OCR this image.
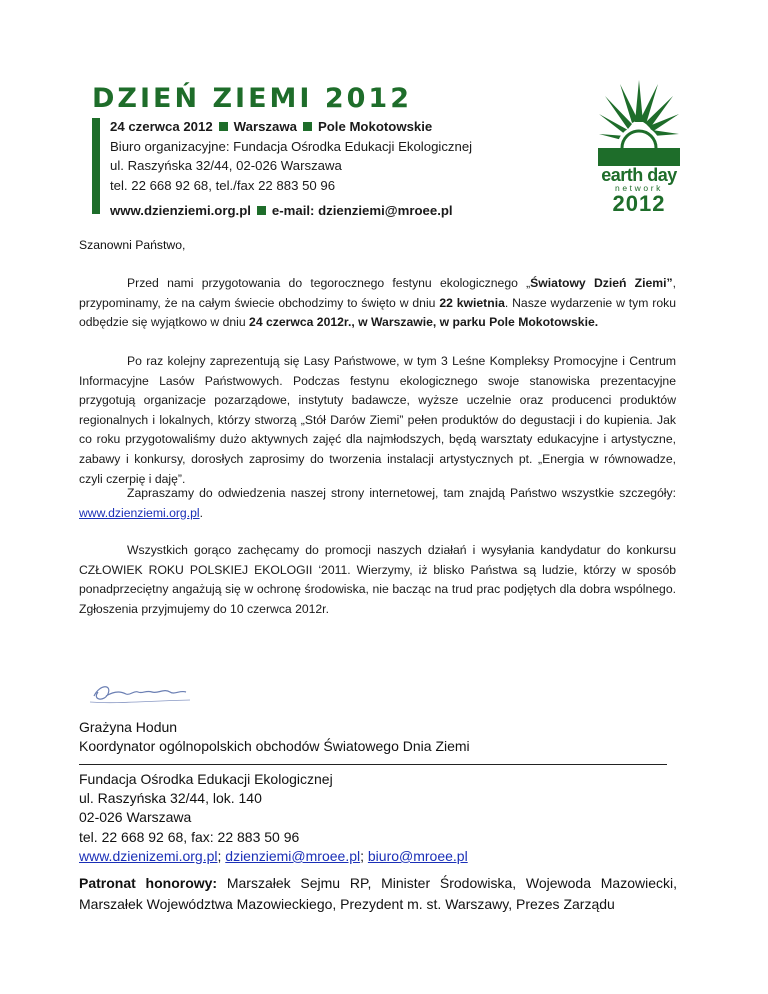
DZIEŃ ZIEMI 2012
24 czerwca 2012 Warszawa Pole Mokotowskie
Biuro organizacyjne: Fundacja Ośrodka Edukacji Ekologicznej
ul. Raszyńska 32/44, 02-026 Warszawa
tel. 22 668 92 68, tel./fax 22 883 50 96
www.dzienziemi.org.pl e-mail: dzienziemi@mroee.pl
earth day
network
2012

Szanowni Państwo,

Przed nami przygotowania do tegorocznego festynu ekologicznego „Światowy Dzień Ziemi”, przypominamy, że na całym świecie obchodzimy to święto w dniu 22 kwietnia. Nasze wydarzenie w tym roku odbędzie się wyjątkowo w dniu 24 czerwca 2012r., w Warszawie, w parku Pole Mokotowskie.

Po raz kolejny zaprezentują się Lasy Państwowe, w tym 3 Leśne Kompleksy Promocyjne i Centrum Informacyjne Lasów Państwowych. Podczas festynu ekologicznego swoje stanowiska prezentacyjne przygotują organizacje pozarządowe, instytuty badawcze, wyższe uczelnie oraz producenci produktów regionalnych i lokalnych, którzy stworzą „Stół Darów Ziemi” pełen produktów do degustacji i do kupienia. Jak co roku przygotowaliśmy dużo aktywnych zajęć dla najmłodszych, będą warsztaty edukacyjne i artystyczne, zabawy i konkursy, dorosłych zaprosimy do tworzenia instalacji artystycznych pt. „Energia w równowadze, czyli czerpię i daję”.

Zapraszamy do odwiedzenia naszej strony internetowej, tam znajdą Państwo wszystkie szczegóły: www.dzienziemi.org.pl.

Wszystkich gorąco zachęcamy do promocji naszych działań i wysyłania kandydatur do konkursu CZŁOWIEK ROKU POLSKIEJ EKOLOGII ‘2011. Wierzymy, iż blisko Państwa są ludzie, którzy w sposób ponadprzeciętny angażują się w ochronę środowiska, nie bacząc na trud prac podjętych dla dobra wspólnego. Zgłoszenia przyjmujemy do 10 czerwca 2012r.

Grażyna Hodun

Koordynator ogólnopolskich obchodów Światowego Dnia Ziemi

Fundacja Ośrodka Edukacji Ekologicznej
ul. Raszyńska 32/44, lok. 140
02-026 Warszawa
tel. 22 668 92 68, fax: 22 883 50 96
www.dzienizemi.org.pl; dzienziemi@mroee.pl; biuro@mroee.pl

Patronat honorowy: Marszałek Sejmu RP, Minister Środowiska, Wojewoda Mazowiecki, Marszałek Województwa Mazowieckiego, Prezydent m. st. Warszawy, Prezes Zarządu
